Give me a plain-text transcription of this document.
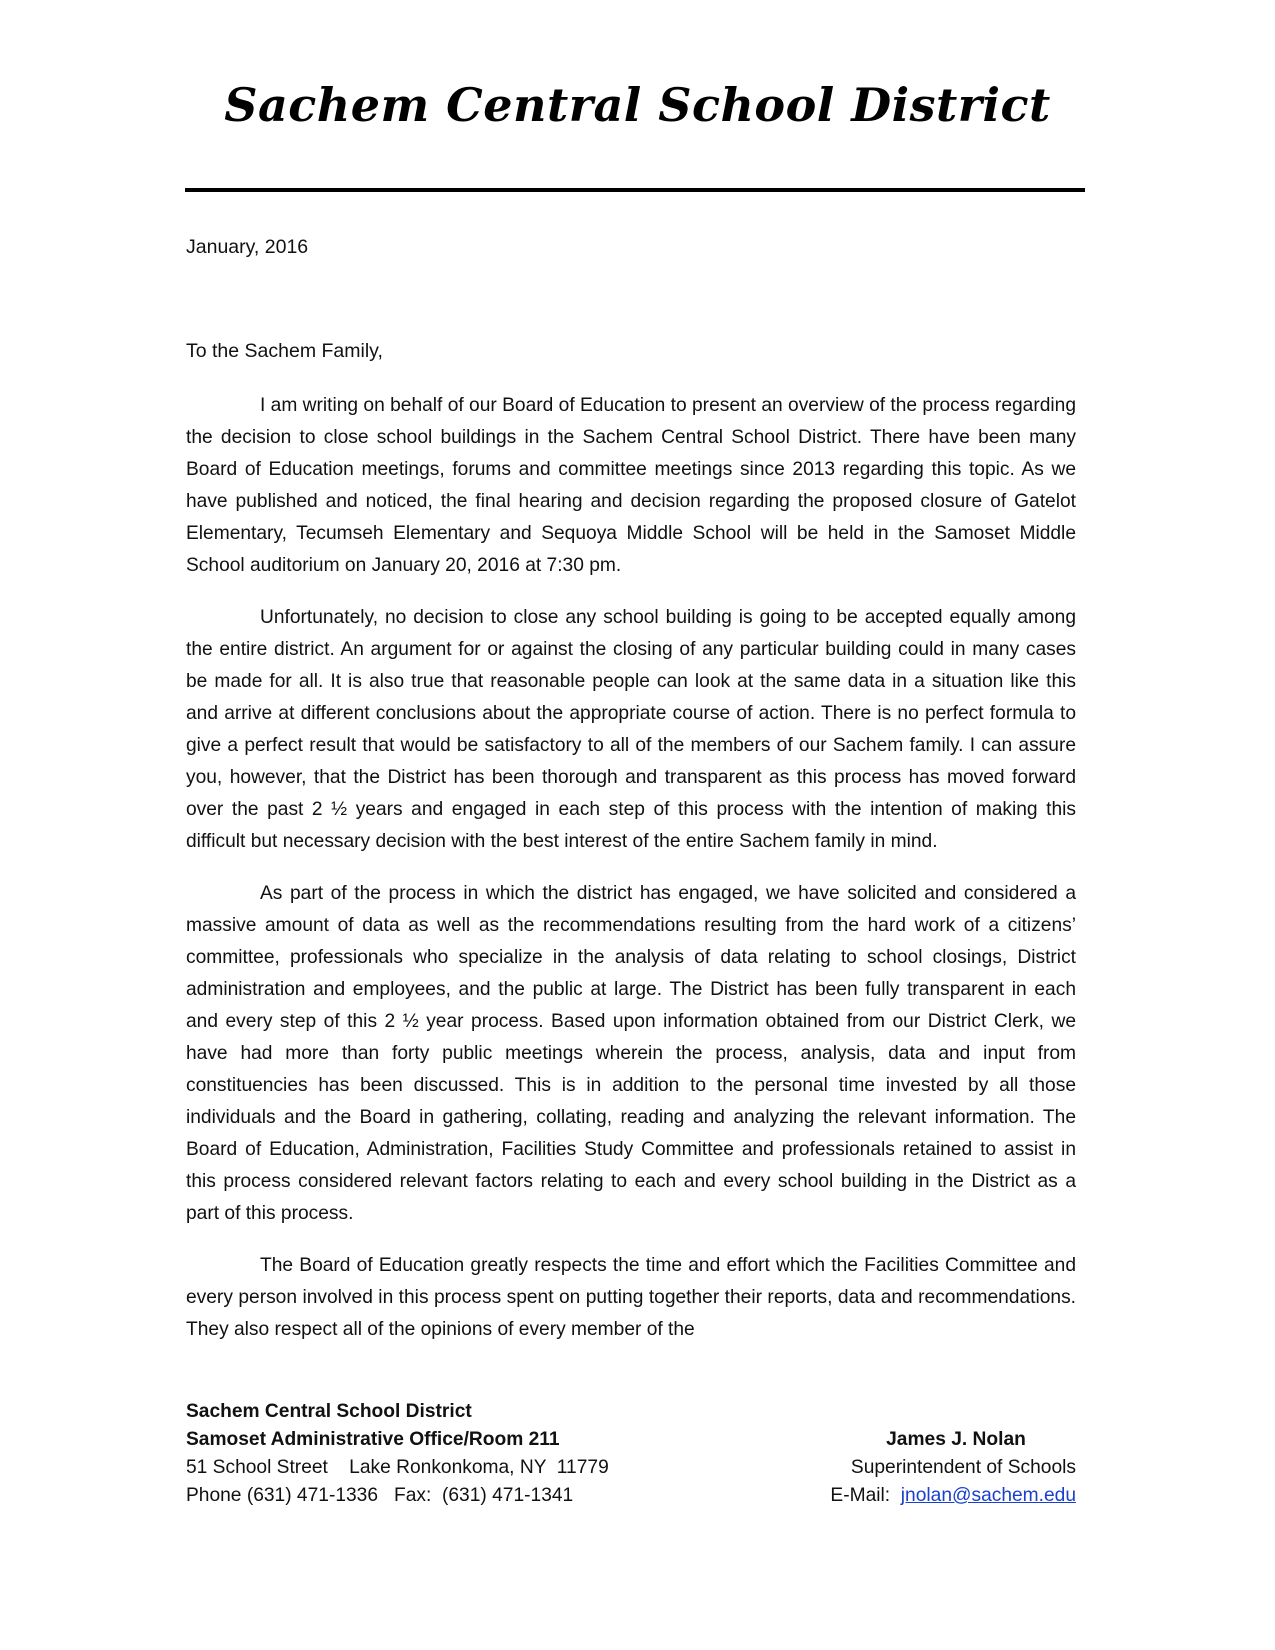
Sachem Central School District
January, 2016
To the Sachem Family,

I am writing on behalf of our Board of Education to present an overview of the process regarding the decision to close school buildings in the Sachem Central School District. There have been many Board of Education meetings, forums and committee meetings since 2013 regarding this topic. As we have published and noticed, the final hearing and decision regarding the proposed closure of Gatelot Elementary, Tecumseh Elementary and Sequoya Middle School will be held in the Samoset Middle School auditorium on January 20, 2016 at 7:30 pm.

Unfortunately, no decision to close any school building is going to be accepted equally among the entire district. An argument for or against the closing of any particular building could in many cases be made for all. It is also true that reasonable people can look at the same data in a situation like this and arrive at different conclusions about the appropriate course of action. There is no perfect formula to give a perfect result that would be satisfactory to all of the members of our Sachem family. I can assure you, however, that the District has been thorough and transparent as this process has moved forward over the past 2 ½ years and engaged in each step of this process with the intention of making this difficult but necessary decision with the best interest of the entire Sachem family in mind.

As part of the process in which the district has engaged, we have solicited and considered a massive amount of data as well as the recommendations resulting from the hard work of a citizens’ committee, professionals who specialize in the analysis of data relating to school closings, District administration and employees, and the public at large. The District has been fully transparent in each and every step of this 2 ½ year process. Based upon information obtained from our District Clerk, we have had more than forty public meetings wherein the process, analysis, data and input from constituencies has been discussed. This is in addition to the personal time invested by all those individuals and the Board in gathering, collating, reading and analyzing the relevant information. The Board of Education, Administration, Facilities Study Committee and professionals retained to assist in this process considered relevant factors relating to each and every school building in the District as a part of this process.

The Board of Education greatly respects the time and effort which the Facilities Committee and every person involved in this process spent on putting together their reports, data and recommendations. They also respect all of the opinions of every member of the

Sachem Central School District
Samoset Administrative Office/Room 211
51 School Street    Lake Ronkonkoma, NY  11779
Phone (631) 471-1336   Fax:  (631) 471-1341
James J. Nolan
Superintendent of Schools
E-Mail:  jnolan@sachem.edu
